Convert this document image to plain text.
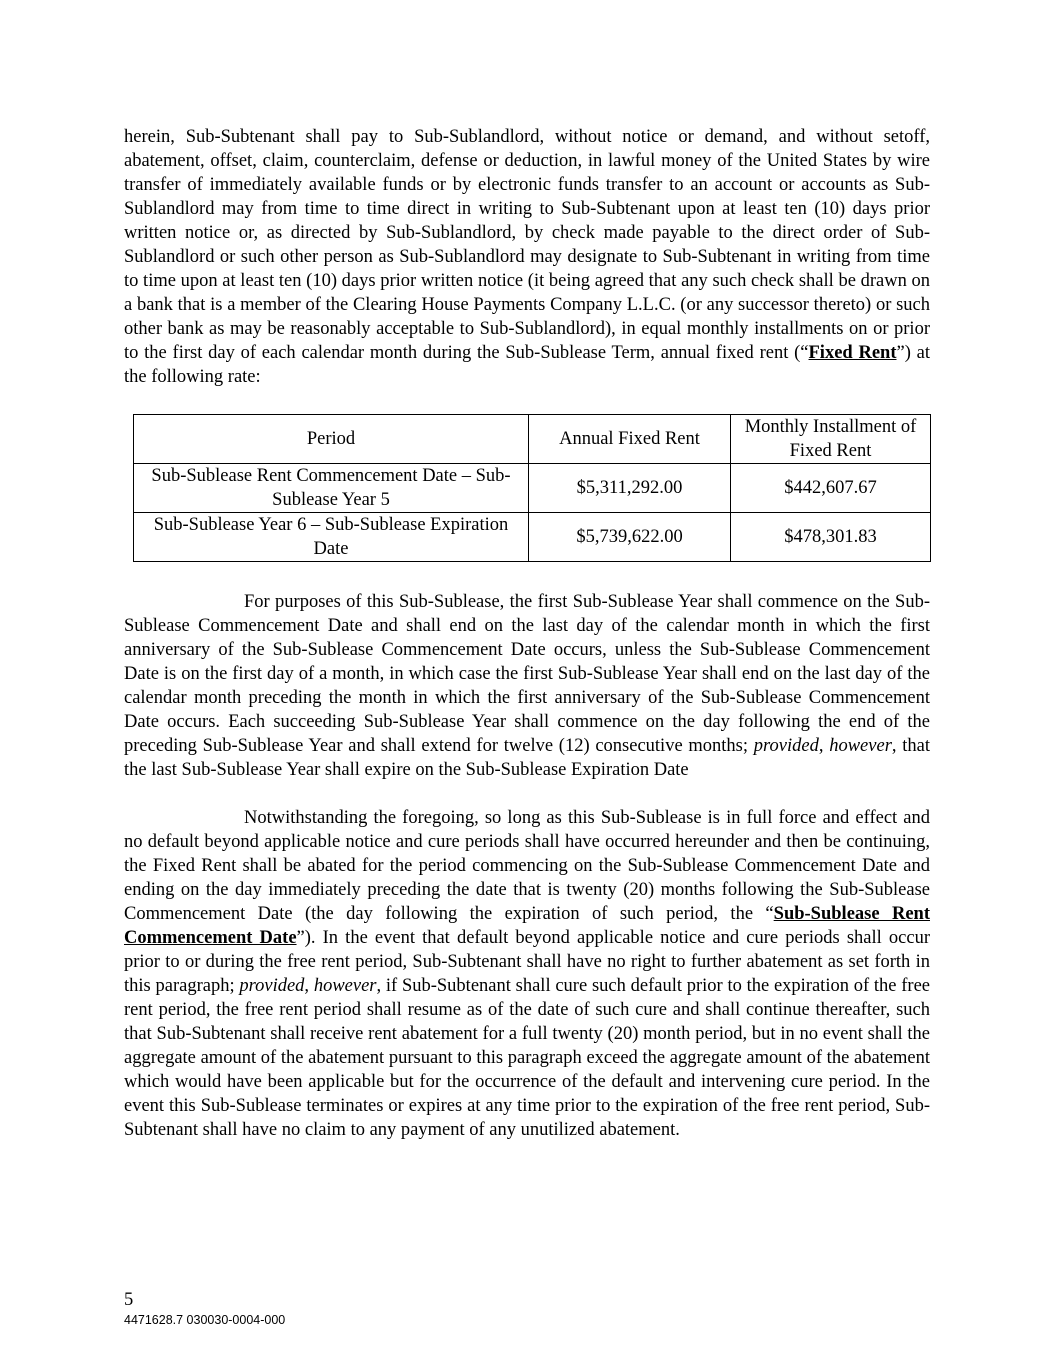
herein, Sub-Subtenant shall pay to Sub-Sublandlord, without notice or demand, and without setoff, abatement, offset, claim, counterclaim, defense or deduction, in lawful money of the United States by wire transfer of immediately available funds or by electronic funds transfer to an account or accounts as Sub-Sublandlord may from time to time direct in writing to Sub-Subtenant upon at least ten (10) days prior written notice or, as directed by Sub-Sublandlord, by check made payable to the direct order of Sub-Sublandlord or such other person as Sub-Sublandlord may designate to Sub-Subtenant in writing from time to time upon at least ten (10) days prior written notice (it being agreed that any such check shall be drawn on a bank that is a member of the Clearing House Payments Company L.L.C. (or any successor thereto) or such other bank as may be reasonably acceptable to Sub-Sublandlord), in equal monthly installments on or prior to the first day of each calendar month during the Sub-Sublease Term, annual fixed rent (“Fixed Rent”) at the following rate:

Period	Annual Fixed Rent	Monthly Installment of Fixed Rent
Sub-Sublease Rent Commencement Date – Sub-Sublease Year 5	$5,311,292.00	$442,607.67
Sub-Sublease Year 6 – Sub-Sublease Expiration Date	$5,739,622.00	$478,301.83

For purposes of this Sub-Sublease, the first Sub-Sublease Year shall commence on the Sub-Sublease Commencement Date and shall end on the last day of the calendar month in which the first anniversary of the Sub-Sublease Commencement Date occurs, unless the Sub-Sublease Commencement Date is on the first day of a month, in which case the first Sub-Sublease Year shall end on the last day of the calendar month preceding the month in which the first anniversary of the Sub-Sublease Commencement Date occurs. Each succeeding Sub-Sublease Year shall commence on the day following the end of the preceding Sub-Sublease Year and shall extend for twelve (12) consecutive months; provided, however, that the last Sub-Sublease Year shall expire on the Sub-Sublease Expiration Date

Notwithstanding the foregoing, so long as this Sub-Sublease is in full force and effect and no default beyond applicable notice and cure periods shall have occurred hereunder and then be continuing, the Fixed Rent shall be abated for the period commencing on the Sub-Sublease Commencement Date and ending on the day immediately preceding the date that is twenty (20) months following the Sub-Sublease Commencement Date (the day following the expiration of such period, the “Sub-Sublease Rent Commencement Date”). In the event that default beyond applicable notice and cure periods shall occur prior to or during the free rent period, Sub-Subtenant shall have no right to further abatement as set forth in this paragraph; provided, however, if Sub-Subtenant shall cure such default prior to the expiration of the free rent period, the free rent period shall resume as of the date of such cure and shall continue thereafter, such that Sub-Subtenant shall receive rent abatement for a full twenty (20) month period, but in no event shall the aggregate amount of the abatement pursuant to this paragraph exceed the aggregate amount of the abatement which would have been applicable but for the occurrence of the default and intervening cure period. In the event this Sub-Sublease terminates or expires at any time prior to the expiration of the free rent period, Sub-Subtenant shall have no claim to any payment of any unutilized abatement.

5
4471628.7 030030-0004-000
